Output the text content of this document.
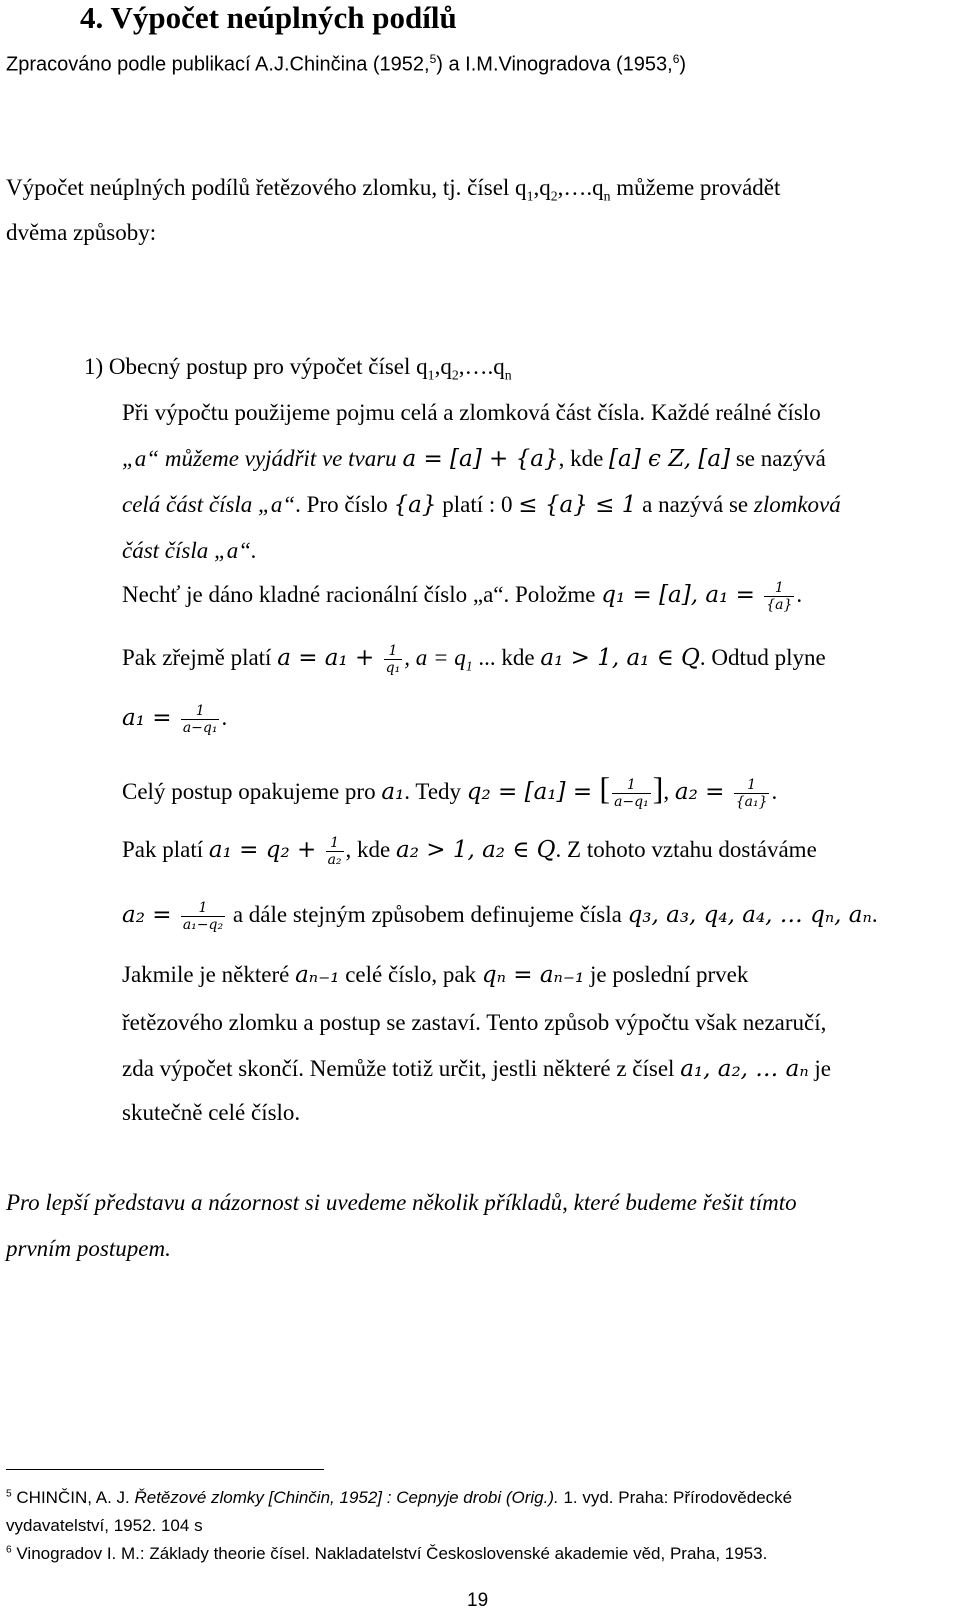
4. Výpočet neúplných podílů
Zpracováno podle publikací A.J.Chinčina (1952,$^5$) a I.M.Vinogradova (1953,$^6$)
Výpočet neúplných podílů řetězového zlomku, tj. čísel $q_1,q_2,\dots.q_n$ můžeme provádět
dvěma způsoby:
1) Obecný postup pro výpočet čísel $q_1,q_2,\dots.q_n$
Při výpočtu použijeme pojmu celá a zlomková část čísla. Každé reálné číslo
„a“ můžeme vyjádřit ve tvaru a = [a] + {a}, kde [a] ϵ Z, [a] se nazývá
celá část čísla „a“. Pro číslo {a} platí : 0 ≤ {a} ≤ 1 a nazývá se zlomková
část čísla „a“.
Nechť je dáno kladné racionální číslo „a“. Položme q₁ = [a], $a_1 = \frac{1}{\{a\}}$ .
Pak zřejmě platí $a = a_1 + \frac{1}{\text{q₁}}$ , $a = q_1$ ... kde a₁ > 1, a₁ ∈ Q. Odtud plyne
$a_1 = \frac{1}{\text{a−q₁}}$ .
Celý postup opakujeme pro a₁. Tedy q₂ = [a₁] = [ $\frac{1}{\text{a−q₁}}$ ], $a_2 = \frac{1}{\text{\{a₁\}}}$ .
Pak platí $a_1 = q_2 + \frac{1}{\text{a₂}}$ , kde a₂ > 1, a₂ ∈ Q. Z tohoto vztahu dostáváme
$a_2 = \frac{1}{\text{a₁−q₂}}$ a dále stejným způsobem definujeme čísla q₃, a₃, q₄, a₄, … qₙ, aₙ.
Jakmile je některé aₙ₋₁ celé číslo, pak qₙ = aₙ₋₁ je poslední prvek
řetězového zlomku a postup se zastaví. Tento způsob výpočtu však nezaručí,
zda výpočet skončí. Nemůže totiž určit, jestli některé z čísel a₁, a₂, … aₙ je
skutečně celé číslo.
Pro lepší představu a názornost si uvedeme několik příkladů, které budeme řešit tímto
prvním postupem.
$^5$ CHINČIN, A. J. Řetězové zlomky [Chinčin, 1952] : Cepnyje drobi (Orig.). 1. vyd. Praha: Přírodovědecké
vydavatelství, 1952. 104 s
$^6$ Vinogradov I. M.: Základy theorie čísel. Nakladatelství Československé akademie věd, Praha, 1953.
19
